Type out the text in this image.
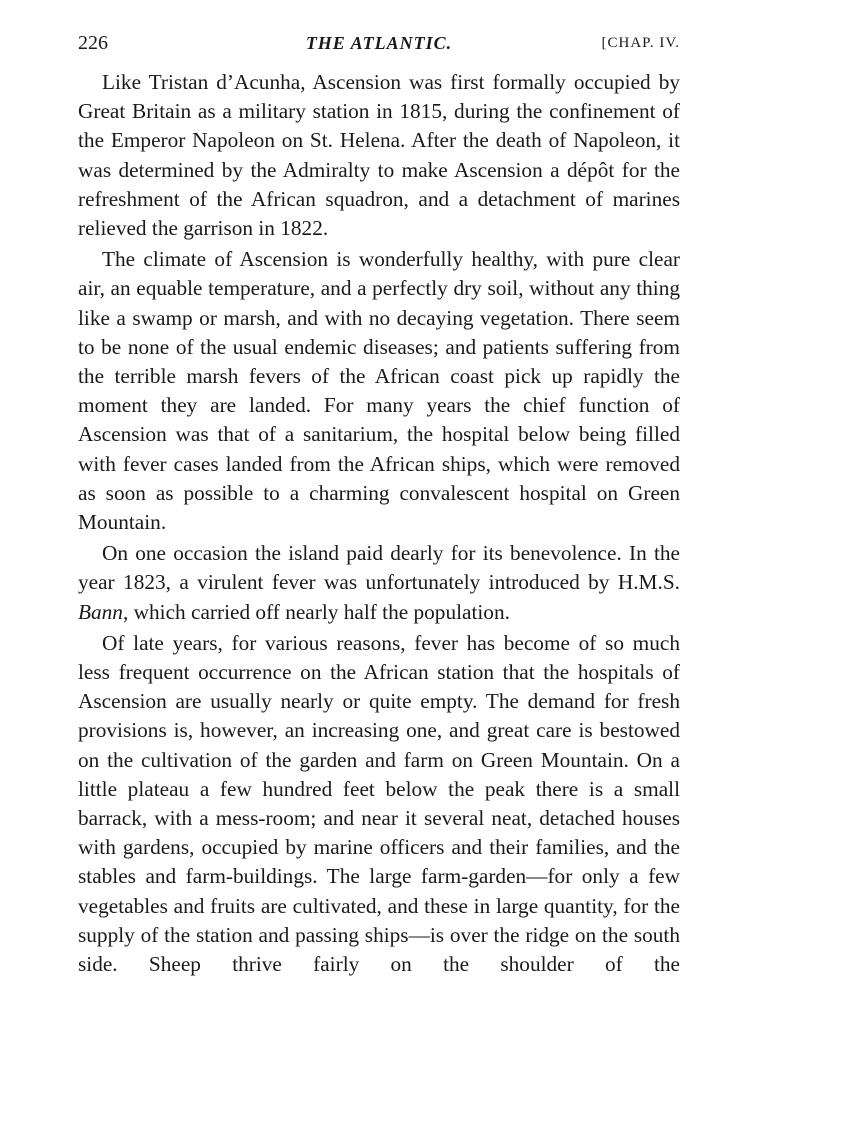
226	THE ATLANTIC.	[CHAP. IV.

Like Tristan d’Acunha, Ascension was first formally occupied by Great Britain as a military station in 1815, during the confinement of the Emperor Napoleon on St. Helena. After the death of Napoleon, it was determined by the Admiralty to make Ascension a dépôt for the refreshment of the African squadron, and a detachment of marines relieved the garrison in 1822.

The climate of Ascension is wonderfully healthy, with pure clear air, an equable temperature, and a perfectly dry soil, without any thing like a swamp or marsh, and with no decaying vegetation. There seem to be none of the usual endemic diseases; and patients suffering from the terrible marsh fevers of the African coast pick up rapidly the moment they are landed. For many years the chief function of Ascension was that of a sanitarium, the hospital below being filled with fever cases landed from the African ships, which were removed as soon as possible to a charming convalescent hospital on Green Mountain.

On one occasion the island paid dearly for its benevolence. In the year 1823, a virulent fever was unfortunately introduced by H.M.S. Bann, which carried off nearly half the population.

Of late years, for various reasons, fever has become of so much less frequent occurrence on the African station that the hospitals of Ascension are usually nearly or quite empty. The demand for fresh provisions is, however, an increasing one, and great care is bestowed on the cultivation of the garden and farm on Green Mountain. On a little plateau a few hundred feet below the peak there is a small barrack, with a mess-room; and near it several neat, detached houses with gardens, occupied by marine officers and their families, and the stables and farm-buildings. The large farm-garden—for only a few vegetables and fruits are cultivated, and these in large quantity, for the supply of the station and passing ships—is over the ridge on the south side. Sheep thrive fairly on the shoulder of the
